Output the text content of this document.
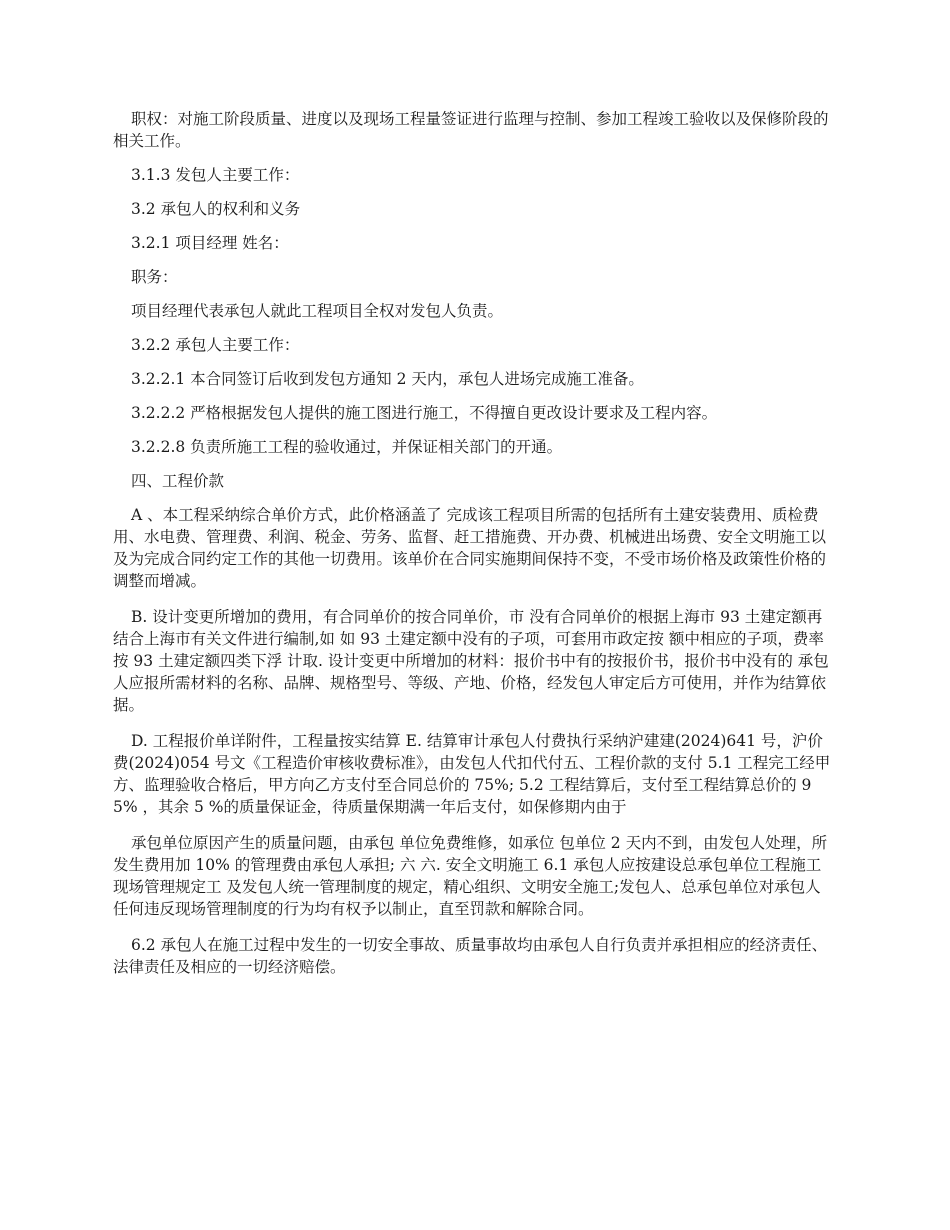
职权：对施工阶段质量、进度以及现场工程量签证进行监理与控制、参加工程竣工验收以及保修阶段的相关工作。

3.1.3 发包人主要工作：

3.2 承包人的权利和义务

3.2.1 项目经理 姓名：

职务：

项目经理代表承包人就此工程项目全权对发包人负责。

3.2.2 承包人主要工作：

3.2.2.1 本合同签订后收到发包方通知 2 天内，承包人进场完成施工准备。

3.2.2.2 严格根据发包人提供的施工图进行施工，不得擅自更改设计要求及工程内容。

3.2.2.8 负责所施工工程的验收通过，并保证相关部门的开通。

四、工程价款

A 、本工程采纳综合单价方式，此价格涵盖了 完成该工程项目所需的包括所有土建安装费用、质检费用、水电费、管理费、利润、税金、劳务、监督、赶工措施费、开办费、机械进出场费、安全文明施工以及为完成合同约定工作的其他一切费用。该单价在合同实施期间保持不变，不受市场价格及政策性价格的调整而增减。

B. 设计变更所增加的费用，有合同单价的按合同单价，市 没有合同单价的根据上海市 93 土建定额再结合上海市有关文件进行编制,如 如 93 土建定额中没有的子项，可套用市政定按 额中相应的子项，费率按 93 土建定额四类下浮 计取. 设计变更中所增加的材料：报价书中有的按报价书，报价书中没有的 承包人应报所需材料的名称、品牌、规格型号、等级、产地、价格，经发包人审定后方可使用，并作为结算依据。

D. 工程报价单详附件，工程量按实结算 E. 结算审计承包人付费执行采纳沪建建(2024)641 号，沪价费(2024)054 号文《工程造价审核收费标准》，由发包人代扣代付五、工程价款的支付 5.1 工程完工经甲方、监理验收合格后，甲方向乙方支付至合同总价的 75%; 5.2 工程结算后，支付至工程结算总价的 95% ，其余 5 %的质量保证金，待质量保期满一年后支付，如保修期内由于

承包单位原因产生的质量问题，由承包 单位免费维修，如承位 包单位 2 天内不到，由发包人处理，所发生费用加 10% 的管理费由承包人承担; 六 六. 安全文明施工 6.1 承包人应按建设总承包单位工程施工现场管理规定工 及发包人统一管理制度的规定，精心组织、文明安全施工;发包人、总承包单位对承包人任何违反现场管理制度的行为均有权予以制止，直至罚款和解除合同。

6.2 承包人在施工过程中发生的一切安全事故、质量事故均由承包人自行负责并承担相应的经济责任、法律责任及相应的一切经济赔偿。
